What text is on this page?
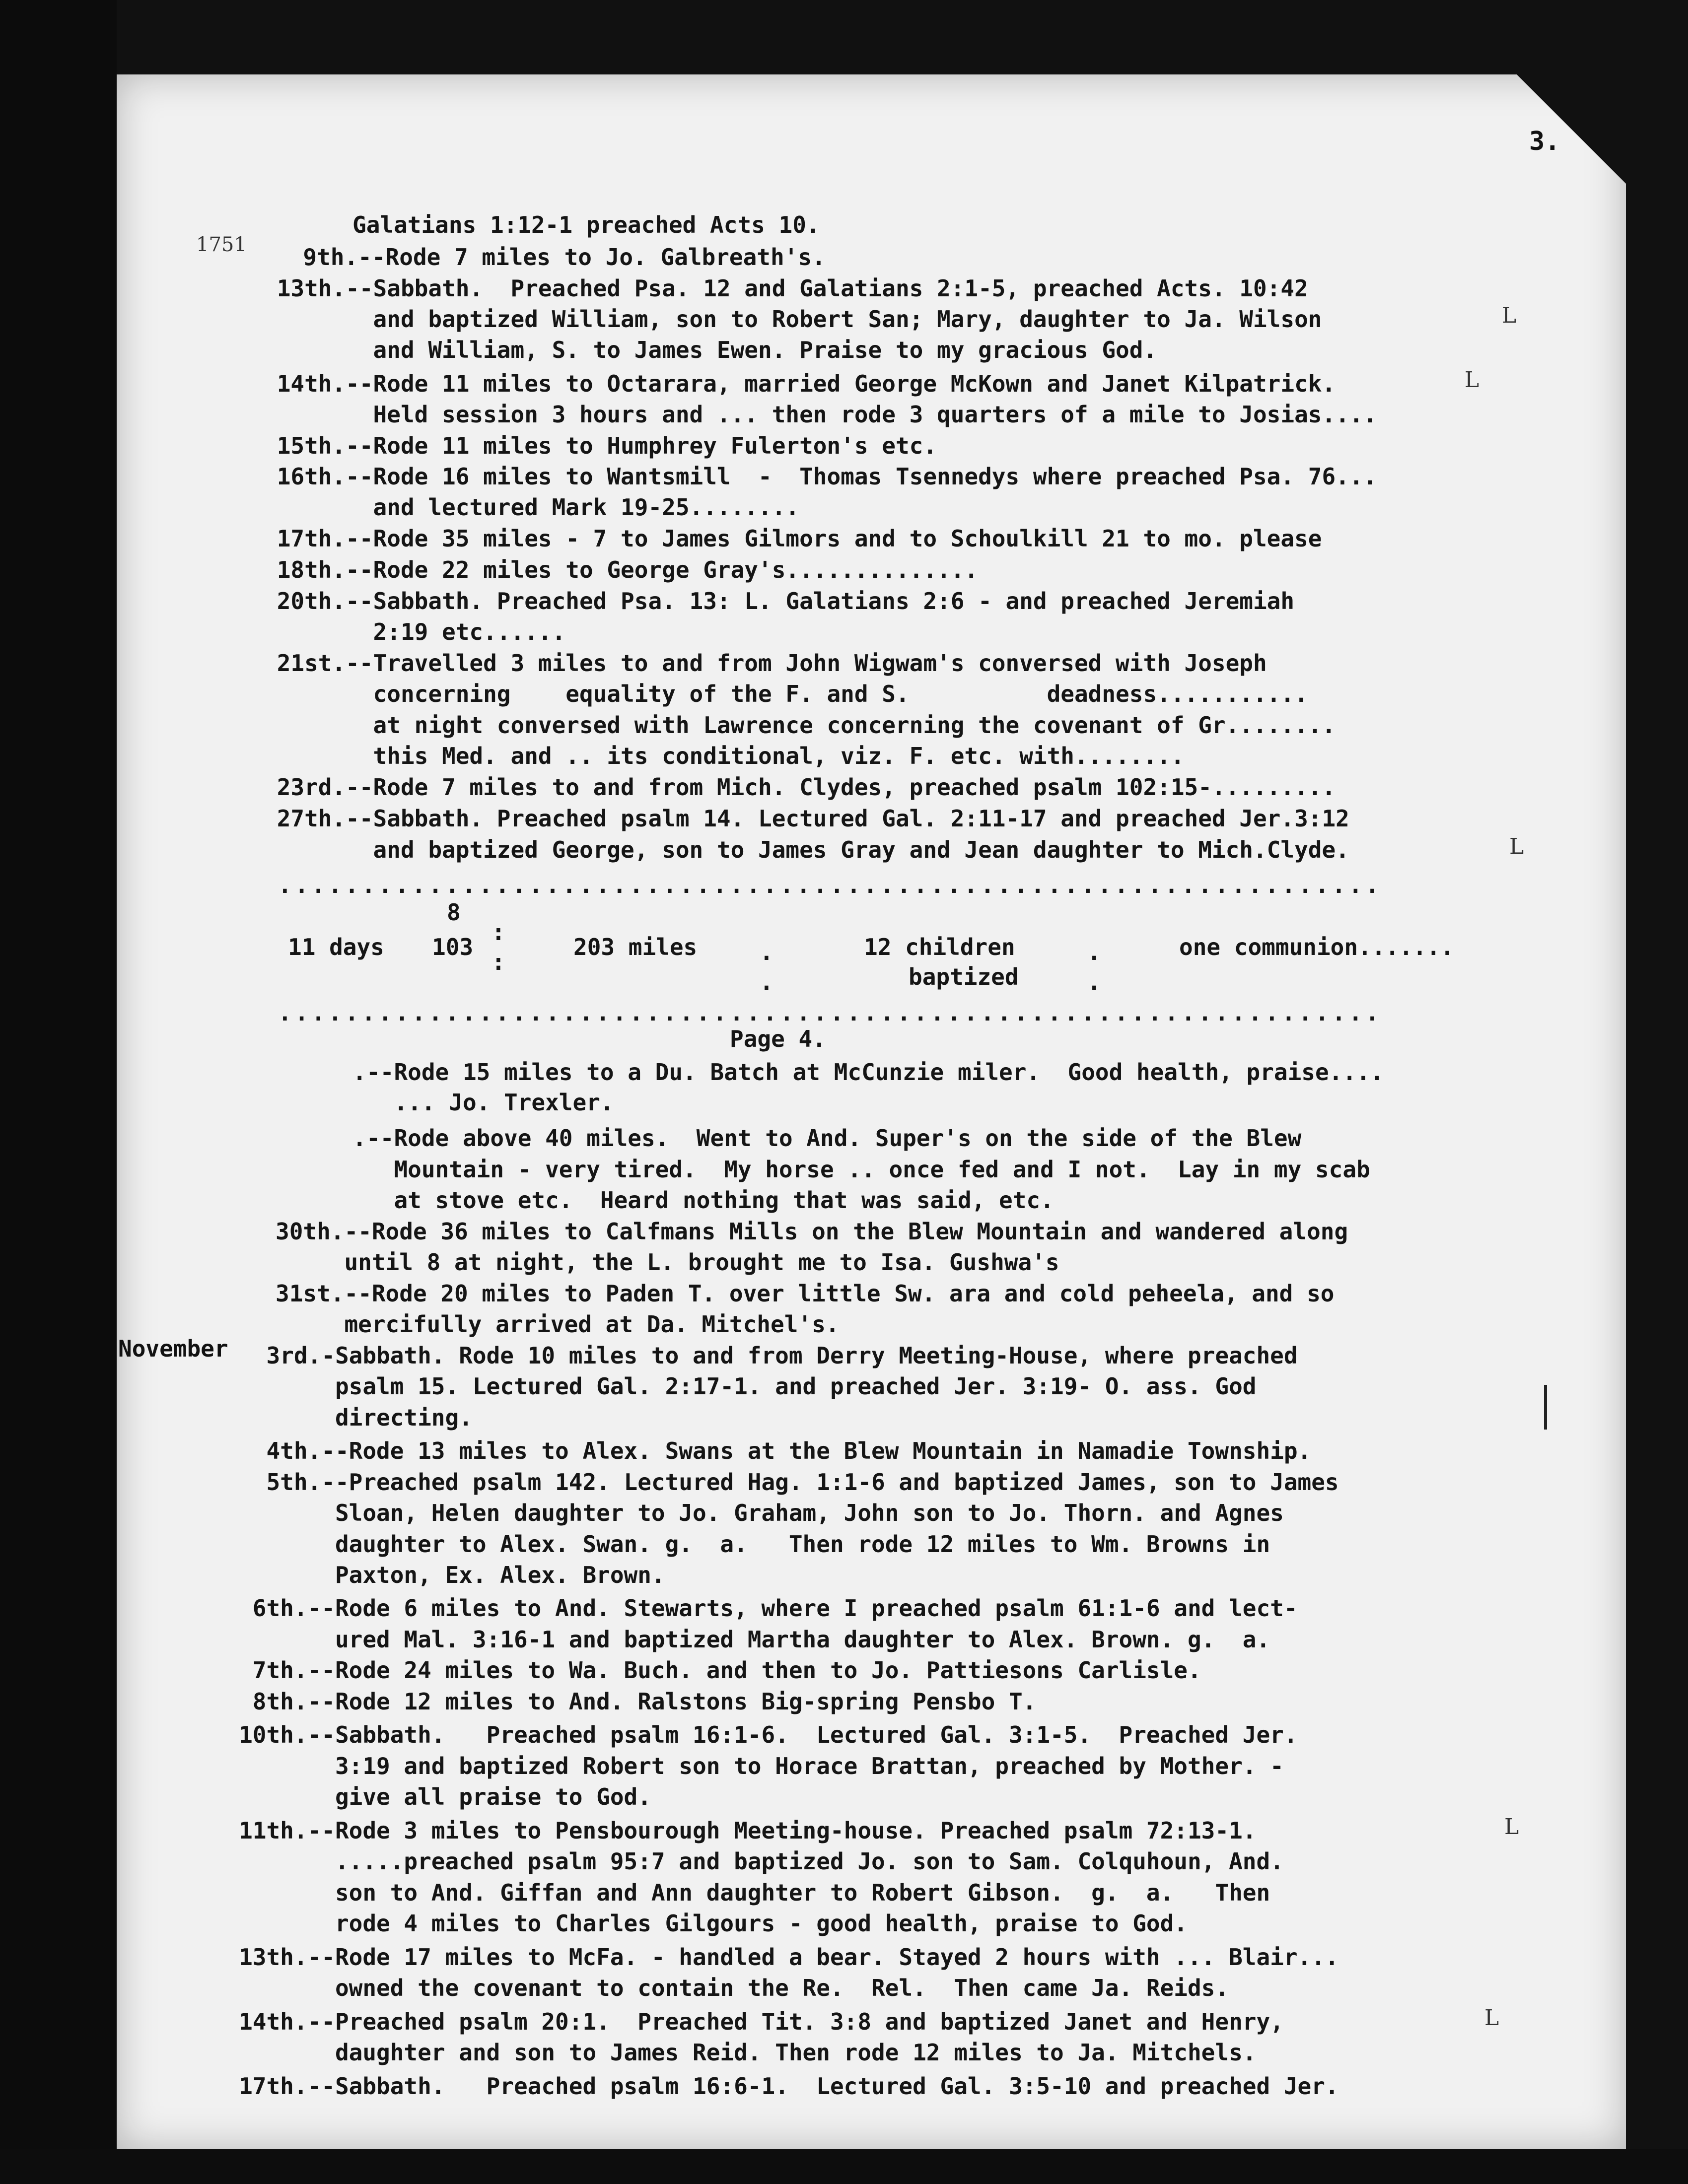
3.
1751
Galatians 1:12-1 preached Acts 10.
9th.--Rode 7 miles to Jo. Galbreath's.
13th.--Sabbath.  Preached Psa. 12 and Galatians 2:1-5, preached Acts. 10:42
and baptized William, son to Robert San; Mary, daughter to Ja. Wilson
and William, S. to James Ewen. Praise to my gracious God.
14th.--Rode 11 miles to Octarara, married George McKown and Janet Kilpatrick.
Held session 3 hours and ... then rode 3 quarters of a mile to Josias....
15th.--Rode 11 miles to Humphrey Fulerton's etc.
16th.--Rode 16 miles to Wantsmill  -  Thomas Tsennedys where preached Psa. 76...
and lectured Mark 19-25........
17th.--Rode 35 miles - 7 to James Gilmors and to Schoulkill 21 to mo. please
18th.--Rode 22 miles to George Gray's..............
20th.--Sabbath. Preached Psa. 13: L. Galatians 2:6 - and preached Jeremiah
2:19 etc......
21st.--Travelled 3 miles to and from John Wigwam's conversed with Joseph
concerning    equality of the F. and S.          deadness...........
at night conversed with Lawrence concerning the covenant of Gr........
this Med. and .. its conditional, viz. F. etc. with........
23rd.--Rode 7 miles to and from Mich. Clydes, preached psalm 102:15-.........
27th.--Sabbath. Preached psalm 14. Lectured Gal. 2:11-17 and preached Jer.3:12
and baptized George, son to James Gray and Jean daughter to Mich.Clyde.
..................................................................
8
11 days 103	203 miles	12 children
baptized
one communion.......
:
:	.
.
.
.
..................................................................
Page 4.
.--Rode 15 miles to a Du. Batch at McCunzie miler.  Good health, praise....
... Jo. Trexler.
.--Rode above 40 miles.  Went to And. Super's on the side of the Blew
Mountain - very tired.  My horse .. once fed and I not.  Lay in my scab
at stove etc.  Heard nothing that was said, etc.
30th.--Rode 36 miles to Calfmans Mills on the Blew Mountain and wandered along
until 8 at night, the L. brought me to Isa. Gushwa's
31st.--Rode 20 miles to Paden T. over little Sw. ara and cold peheela, and so
mercifully arrived at Da. Mitchel's.
November
3rd.-Sabbath. Rode 10 miles to and from Derry Meeting-House, where preached
psalm 15. Lectured Gal. 2:17-1. and preached Jer. 3:19- O. ass. God
directing.
4th.--Rode 13 miles to Alex. Swans at the Blew Mountain in Namadie Township.
5th.--Preached psalm 142. Lectured Hag. 1:1-6 and baptized James, son to James
Sloan, Helen daughter to Jo. Graham, John son to Jo. Thorn. and Agnes
daughter to Alex. Swan. g.  a.   Then rode 12 miles to Wm. Browns in
Paxton, Ex. Alex. Brown.
6th.--Rode 6 miles to And. Stewarts, where I preached psalm 61:1-6 and lect-
ured Mal. 3:16-1 and baptized Martha daughter to Alex. Brown. g.  a.
7th.--Rode 24 miles to Wa. Buch. and then to Jo. Pattiesons Carlisle.
8th.--Rode 12 miles to And. Ralstons Big-spring Pensbo T.
10th.--Sabbath.   Preached psalm 16:1-6.  Lectured Gal. 3:1-5.  Preached Jer.
3:19 and baptized Robert son to Horace Brattan, preached by Mother. -
give all praise to God.
11th.--Rode 3 miles to Pensbourough Meeting-house. Preached psalm 72:13-1.
.....preached psalm 95:7 and baptized Jo. son to Sam. Colquhoun, And.
son to And. Giffan and Ann daughter to Robert Gibson.  g.  a.   Then
rode 4 miles to Charles Gilgours - good health, praise to God.
13th.--Rode 17 miles to McFa. - handled a bear. Stayed 2 hours with ... Blair...
owned the covenant to contain the Re.  Rel.  Then came Ja. Reids.
14th.--Preached psalm 20:1.  Preached Tit. 3:8 and baptized Janet and Henry,
daughter and son to James Reid. Then rode 12 miles to Ja. Mitchels.
17th.--Sabbath.   Preached psalm 16:6-1.  Lectured Gal. 3:5-10 and preached Jer.
L
L
L
L
L
